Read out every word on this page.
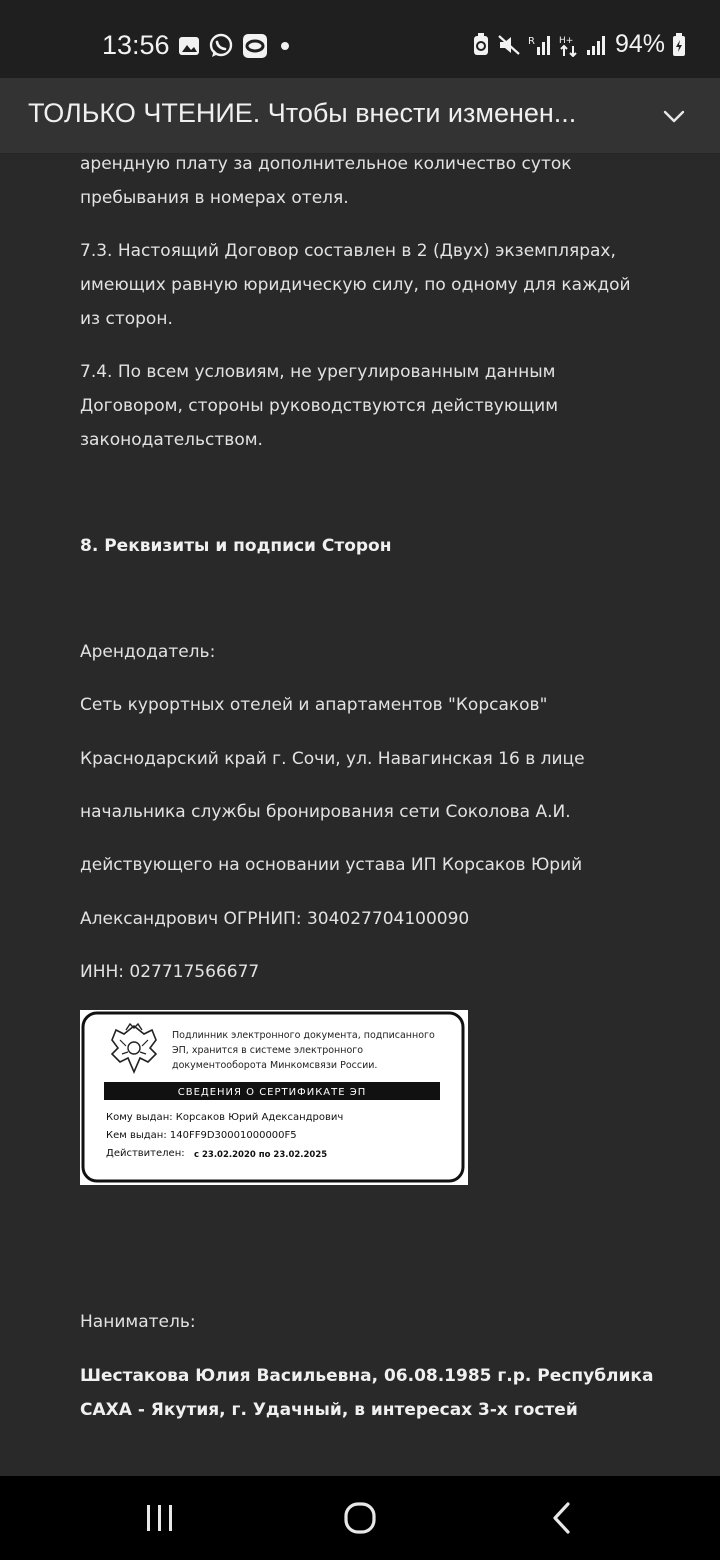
13:56	R	H+ 94%
ТОЛЬКО ЧТЕНИЕ. Чтобы внести изменен...
арендную плату за дополнительное количество суток
пребывания в номерах отеля.
7.3. Настоящий Договор составлен в 2 (Двух) экземплярах,
имеющих равную юридическую силу, по одному для каждой
из сторон.
7.4. По всем условиям, не урегулированным данным
Договором, стороны руководствуются действующим
законодательством.
8. Реквизиты и подписи Сторон
Арендодатель:
Сеть курортных отелей и апартаментов "Корсаков"
Краснодарский край г. Сочи, ул. Навагинская 16 в лице
начальника службы бронирования сети Соколова А.И.
действующего на основании устава ИП Корсаков Юрий
Александрович ОГРНИП: 304027704100090
ИНН: 027717566677
Наниматель:
Шестакова Юлия Васильевна, 06.08.1985 г.р. Республика
САХА - Якутия, г. Удачный, в интересах 3-х гостей
Подлинник электронного документа, подписанного
ЭП, хранится в системе электронного
документооборота Минкомсвязи России.
СВЕДЕНИЯ О СЕРТИФИКАТЕ ЭП
Кому выдан: Корсаков Юрий Адександрович
Кем выдан: 140FF9D30001000000F5
Действителен: с 23.02.2020 по 23.02.2025
